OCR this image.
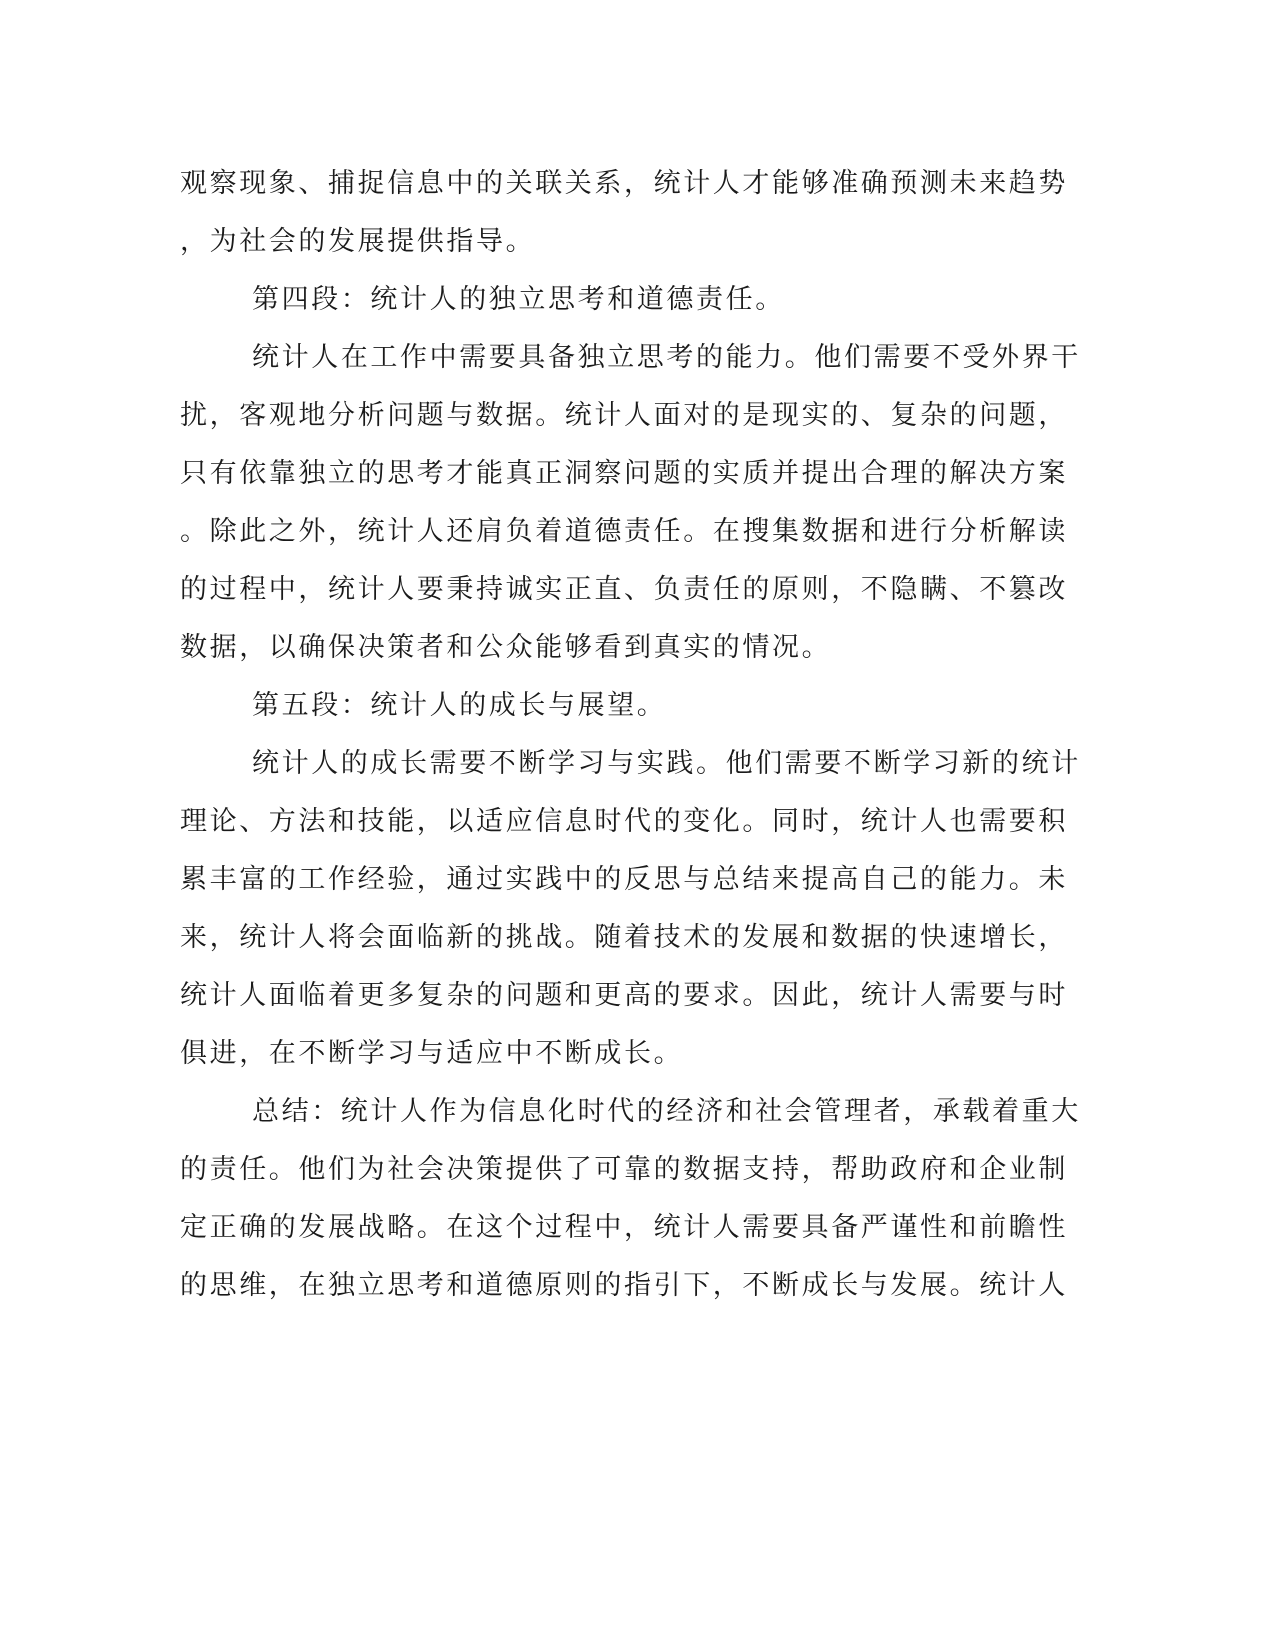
观察现象、捕捉信息中的关联关系，统计人才能够准确预测未来趋势
，为社会的发展提供指导。
第四段：统计人的独立思考和道德责任。
统计人在工作中需要具备独立思考的能力。他们需要不受外界干
扰，客观地分析问题与数据。统计人面对的是现实的、复杂的问题，
只有依靠独立的思考才能真正洞察问题的实质并提出合理的解决方案
。除此之外，统计人还肩负着道德责任。在搜集数据和进行分析解读
的过程中，统计人要秉持诚实正直、负责任的原则，不隐瞒、不篡改
数据，以确保决策者和公众能够看到真实的情况。
第五段：统计人的成长与展望。
统计人的成长需要不断学习与实践。他们需要不断学习新的统计
理论、方法和技能，以适应信息时代的变化。同时，统计人也需要积
累丰富的工作经验，通过实践中的反思与总结来提高自己的能力。未
来，统计人将会面临新的挑战。随着技术的发展和数据的快速增长，
统计人面临着更多复杂的问题和更高的要求。因此，统计人需要与时
俱进，在不断学习与适应中不断成长。
总结：统计人作为信息化时代的经济和社会管理者，承载着重大
的责任。他们为社会决策提供了可靠的数据支持，帮助政府和企业制
定正确的发展战略。在这个过程中，统计人需要具备严谨性和前瞻性
的思维，在独立思考和道德原则的指引下，不断成长与发展。统计人
